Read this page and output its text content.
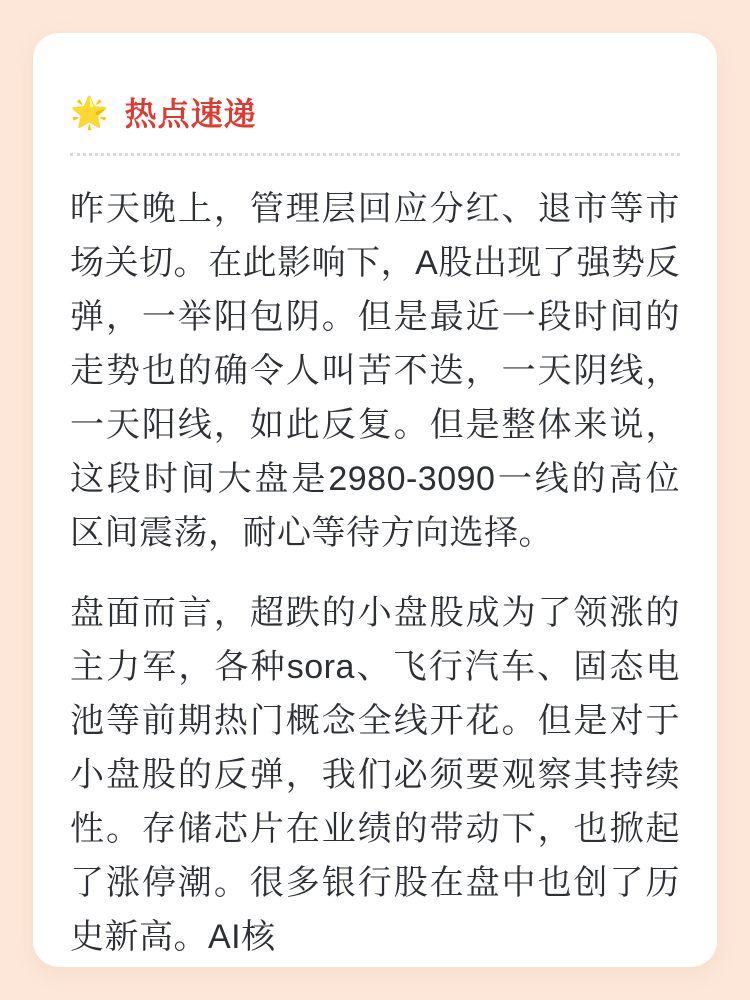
🌟 热点速递

昨天晚上，管理层回应分红、退市等市场关切。在此影响下，A股出现了强势反弹，一举阳包阴。但是最近一段时间的走势也的确令人叫苦不迭，一天阴线，一天阳线，如此反复。但是整体来说，这段时间大盘是2980-3090一线的高位区间震荡，耐心等待方向选择。

盘面而言，超跌的小盘股成为了领涨的主力军，各种sora、飞行汽车、固态电池等前期热门概念全线开花。但是对于小盘股的反弹，我们必须要观察其持续性。存储芯片在业绩的带动下，也掀起了涨停潮。很多银行股在盘中也创了历史新高。AI核
